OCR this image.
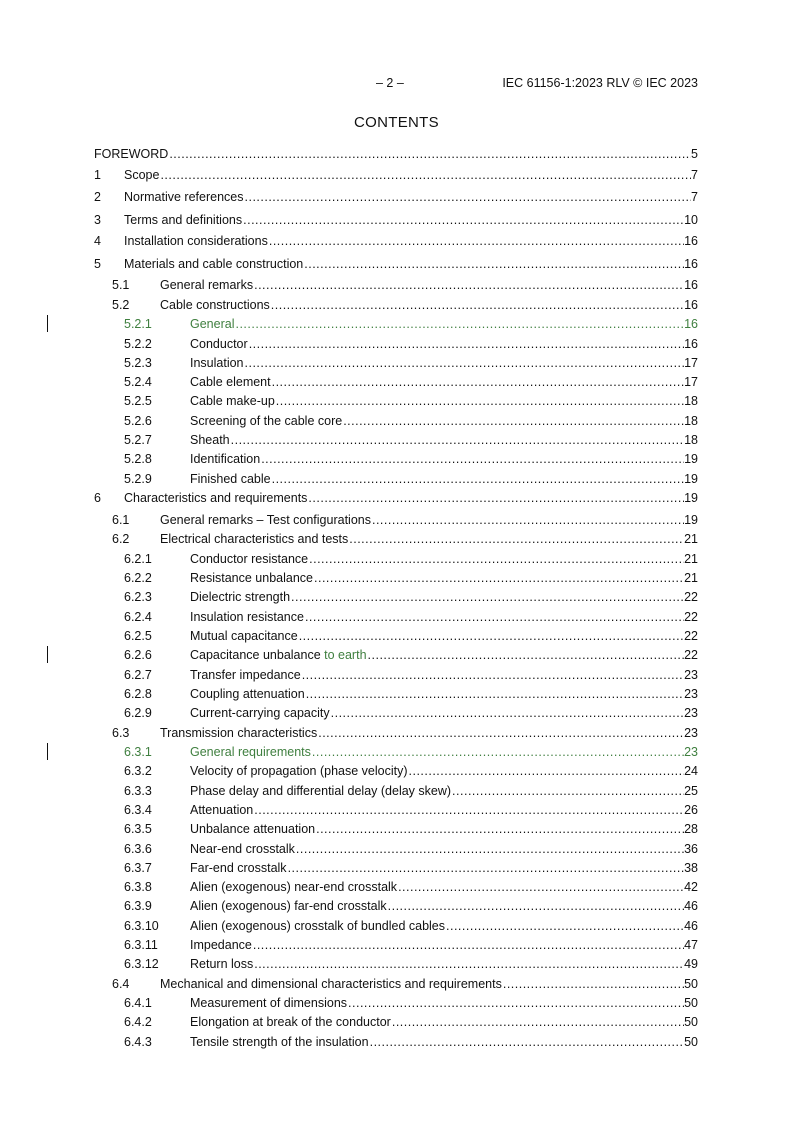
– 2 –	IEC 61156-1:2023 RLV © IEC 2023
CONTENTS
FOREWORD .....	5
1 Scope .....	7
2 Normative references .....	7
3 Terms and definitions .....	10
4 Installation considerations .....	16
5 Materials and cable construction .....	16
5.1 General remarks .....	16
5.2 Cable constructions .....	16
5.2.1	General .....	16
5.2.2	Conductor .....	16
5.2.3	Insulation .....	17
5.2.4	Cable element .....	17
5.2.5	Cable make-up .....	18
5.2.6	Screening of the cable core .....	18
5.2.7	Sheath .....	18
5.2.8	Identification .....	19
5.2.9	Finished cable .....	19
6 Characteristics and requirements .....	19
6.1 General remarks – Test configurations .....	19
6.2 Electrical characteristics and tests .....	21
6.2.1	Conductor resistance .....	21
6.2.2	Resistance unbalance .....	21
6.2.3	Dielectric strength .....	22
6.2.4	Insulation resistance .....	22
6.2.5	Mutual capacitance .....	22
6.2.6	Capacitance unbalance to earth .....	22
6.2.7	Transfer impedance .....	23
6.2.8	Coupling attenuation .....	23
6.2.9	Current-carrying capacity .....	23
6.3 Transmission characteristics .....	23
6.3.1	General requirements .....	23
6.3.2	Velocity of propagation (phase velocity) .....	24
6.3.3	Phase delay and differential delay (delay skew) .....	25
6.3.4	Attenuation .....	26
6.3.5	Unbalance attenuation .....	28
6.3.6	Near-end crosstalk .....	36
6.3.7	Far-end crosstalk .....	38
6.3.8	Alien (exogenous) near-end crosstalk .....	42
6.3.9	Alien (exogenous) far-end crosstalk .....	46
6.3.10 Alien (exogenous) crosstalk of bundled cables .....	46
6.3.11	Impedance .....	47
6.3.12 Return loss .....	49
6.4 Mechanical and dimensional characteristics and requirements .....	50
6.4.1	Measurement of dimensions .....	50
6.4.2	Elongation at break of the conductor .....	50
6.4.3	Tensile strength of the insulation .....	50
